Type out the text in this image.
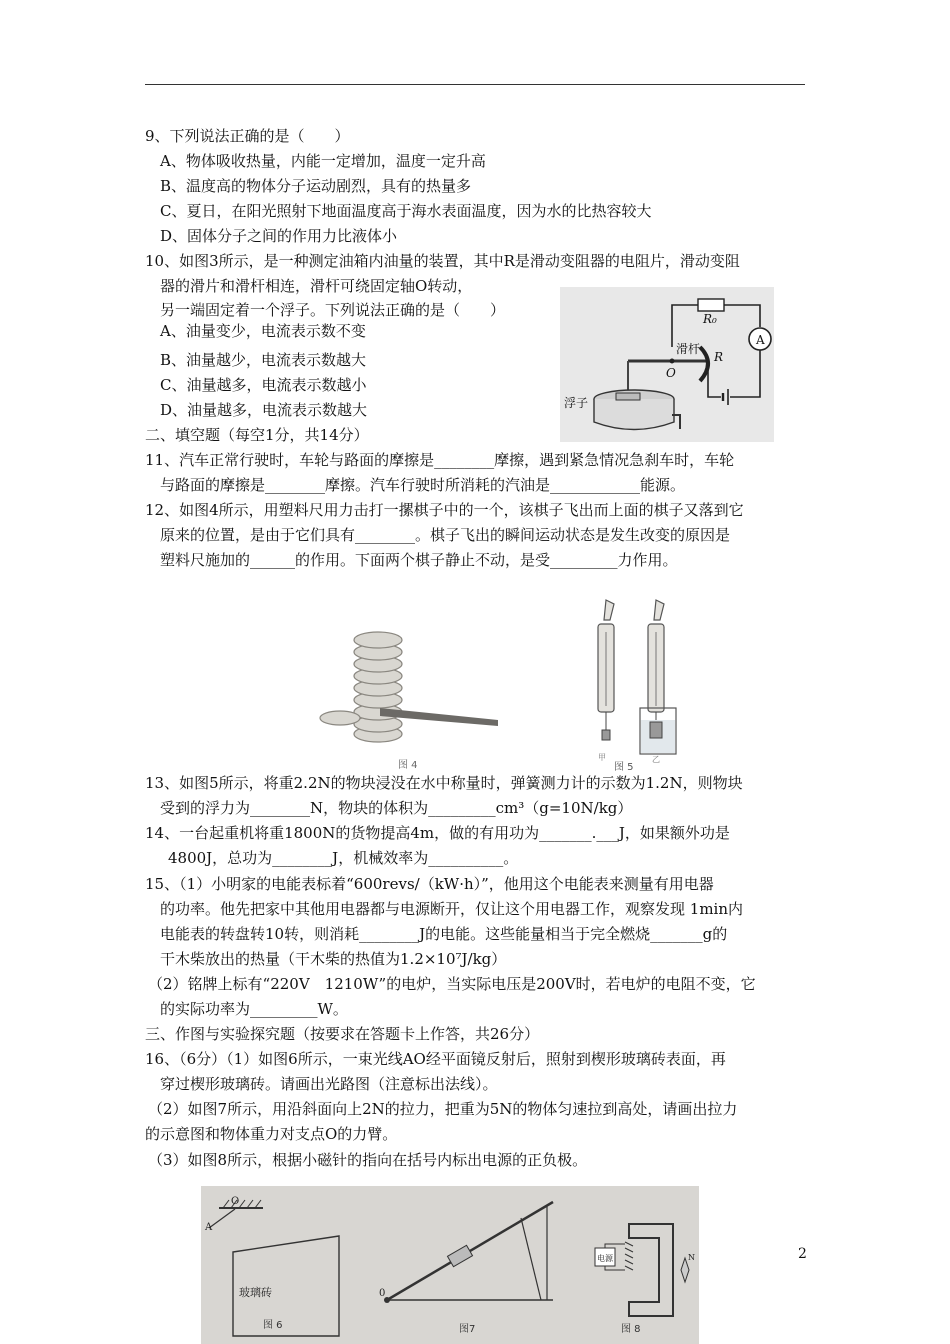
9、下列说法正确的是（　　）
A、物体吸收热量，内能一定增加，温度一定升高
B、温度高的物体分子运动剧烈，具有的热量多
C、夏日，在阳光照射下地面温度高于海水表面温度，因为水的比热容较大
D、固体分子之间的作用力比液体小
10、如图3所示，是一种测定油箱内油量的装置，其中R是滑动变阻器的电阻片，滑动变阻
器的滑片和滑杆相连，滑杆可绕固定轴O转动，
另一端固定着一个浮子。下列说法正确的是（　　）
A、油量变少，电流表示数不变
B、油量越少，电流表示数越大
C、油量越多，电流表示数越小
D、油量越多，电流表示数越大
二、填空题（每空1分，共14分）
11、汽车正常行驶时，车轮与路面的摩擦是________摩擦，遇到紧急情况急刹车时，车轮
与路面的摩擦是________摩擦。汽车行驶时所消耗的汽油是____________能源。
12、如图4所示，用塑料尺用力击打一摞棋子中的一个，该棋子飞出而上面的棋子又落到它
原来的位置，是由于它们具有________。棋子飞出的瞬间运动状态是发生改变的原因是
塑料尺施加的______的作用。下面两个棋子静止不动，是受_________力作用。
13、如图5所示，将重2.2N的物块浸没在水中称量时，弹簧测力计的示数为1.2N，则物块
受到的浮力为________N，物块的体积为_________cm³（g=10N/kg）
14、一台起重机将重1800N的货物提高4m，做的有用功为_______.___J，如果额外功是
4800J，总功为________J，机械效率为__________。
15、（1）小明家的电能表标着“600revs/（kW·h）”，他用这个电能表来测量有用电器
的功率。他先把家中其他用电器都与电源断开，仅让这个用电器工作，观察发现 1min内
电能表的转盘转10转，则消耗________J的电能。这些能量相当于完全燃烧_______g的
干木柴放出的热量（干木柴的热值为1.2×10⁷J/kg）
（2）铭牌上标有“220V　1210W”的电炉，当实际电压是200V时，若电炉的电阻不变，它
的实际功率为_________W。
三、作图与实验探究题（按要求在答题卡上作答，共26分）
16、（6分）（1）如图6所示，一束光线AO经平面镜反射后，照射到楔形玻璃砖表面，再
穿过楔形玻璃砖。请画出光路图（注意标出法线）。
（2）如图7所示，用沿斜面向上2N的拉力，把重为5N的物体匀速拉到高处，请画出拉力
的示意图和物体重力对支点O的力臂。
（3）如图8所示，根据小磁针的指向在括号内标出电源的正负极。
R₀
A
滑杆
O
R
浮子
图 4
甲
图 5
乙
A
O
玻璃砖
图 6
0
图7
电源	N
图 8
2
